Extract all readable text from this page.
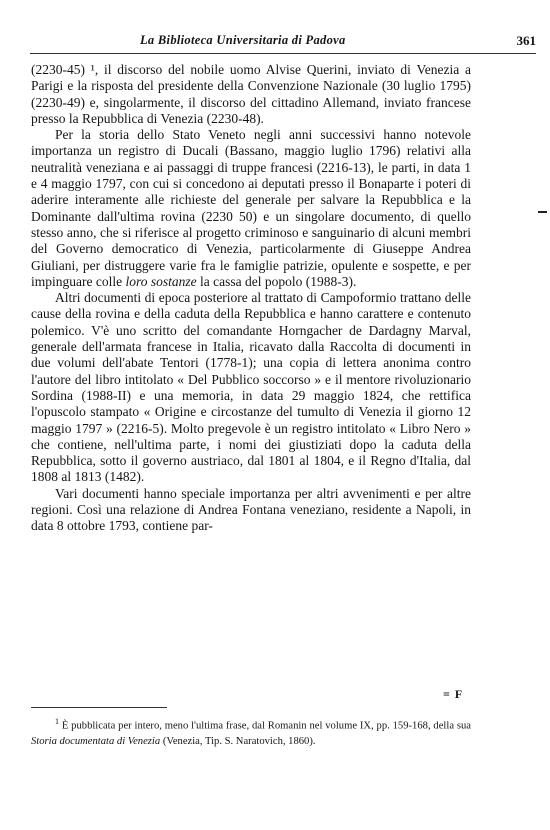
La Biblioteca Universitaria di Padova	361

(2230-45) ¹, il discorso del nobile uomo Alvise Querini, inviato di Venezia a Parigi e la risposta del presidente della Convenzione Nazionale (30 luglio 1795) (2230-49) e, singolarmente, il discorso del cittadino Allemand, inviato francese presso la Repubblica di Venezia (2230-48).

Per la storia dello Stato Veneto negli anni successivi hanno notevole importanza un registro di Ducali (Bassano, maggio luglio 1796) relativi alla neutralità veneziana e ai passaggi di truppe francesi (2216-13), le parti, in data 1 e 4 maggio 1797, con cui si concedono ai deputati presso il Bonaparte i poteri di aderire interamente alle richieste del generale per salvare la Repubblica e la Dominante dall'ultima rovina (2230 50) e un singolare documento, di quello stesso anno, che si riferisce al progetto criminoso e sanguinario di alcuni membri del Governo democratico di Venezia, particolarmente di Giuseppe Andrea Giuliani, per distruggere varie fra le famiglie patrizie, opulente e sospette, e per impinguare colle loro sostanze la cassa del popolo (1988-3).

Altri documenti di epoca posteriore al trattato di Campoformio trattano delle cause della rovina e della caduta della Repubblica e hanno carattere e contenuto polemico. V'è uno scritto del comandante Horngacher de Dardagny Marval, generale dell'armata francese in Italia, ricavato dalla Raccolta di documenti in due volumi dell'abate Tentori (1778-1); una copia di lettera anonima contro l'autore del libro intitolato « Del Pubblico soccorso » e il mentore rivoluzionario Sordina (1988-II) e una memoria, in data 29 maggio 1824, che rettifica l'opuscolo stampato « Origine e circostanze del tumulto di Venezia il giorno 12 maggio 1797 » (2216-5). Molto pregevole è un registro intitolato « Libro Nero » che contiene, nell'ultima parte, i nomi dei giustiziati dopo la caduta della Repubblica, sotto il governo austriaco, dal 1801 al 1804, e il Regno d'Italia, dal 1808 al 1813 (1482).

Vari documenti hanno speciale importanza per altri avvenimenti e per altre regioni. Così una relazione di Andrea Fontana veneziano, residente a Napoli, in data 8 ottobre 1793, contiene par-

= F
$^1$ È pubblicata per intero, meno l'ultima frase, dal Romanin nel volume IX, pp. 159-168, della sua Storia documentata di Venezia (Venezia, Tip. S. Naratovich, 1860).
